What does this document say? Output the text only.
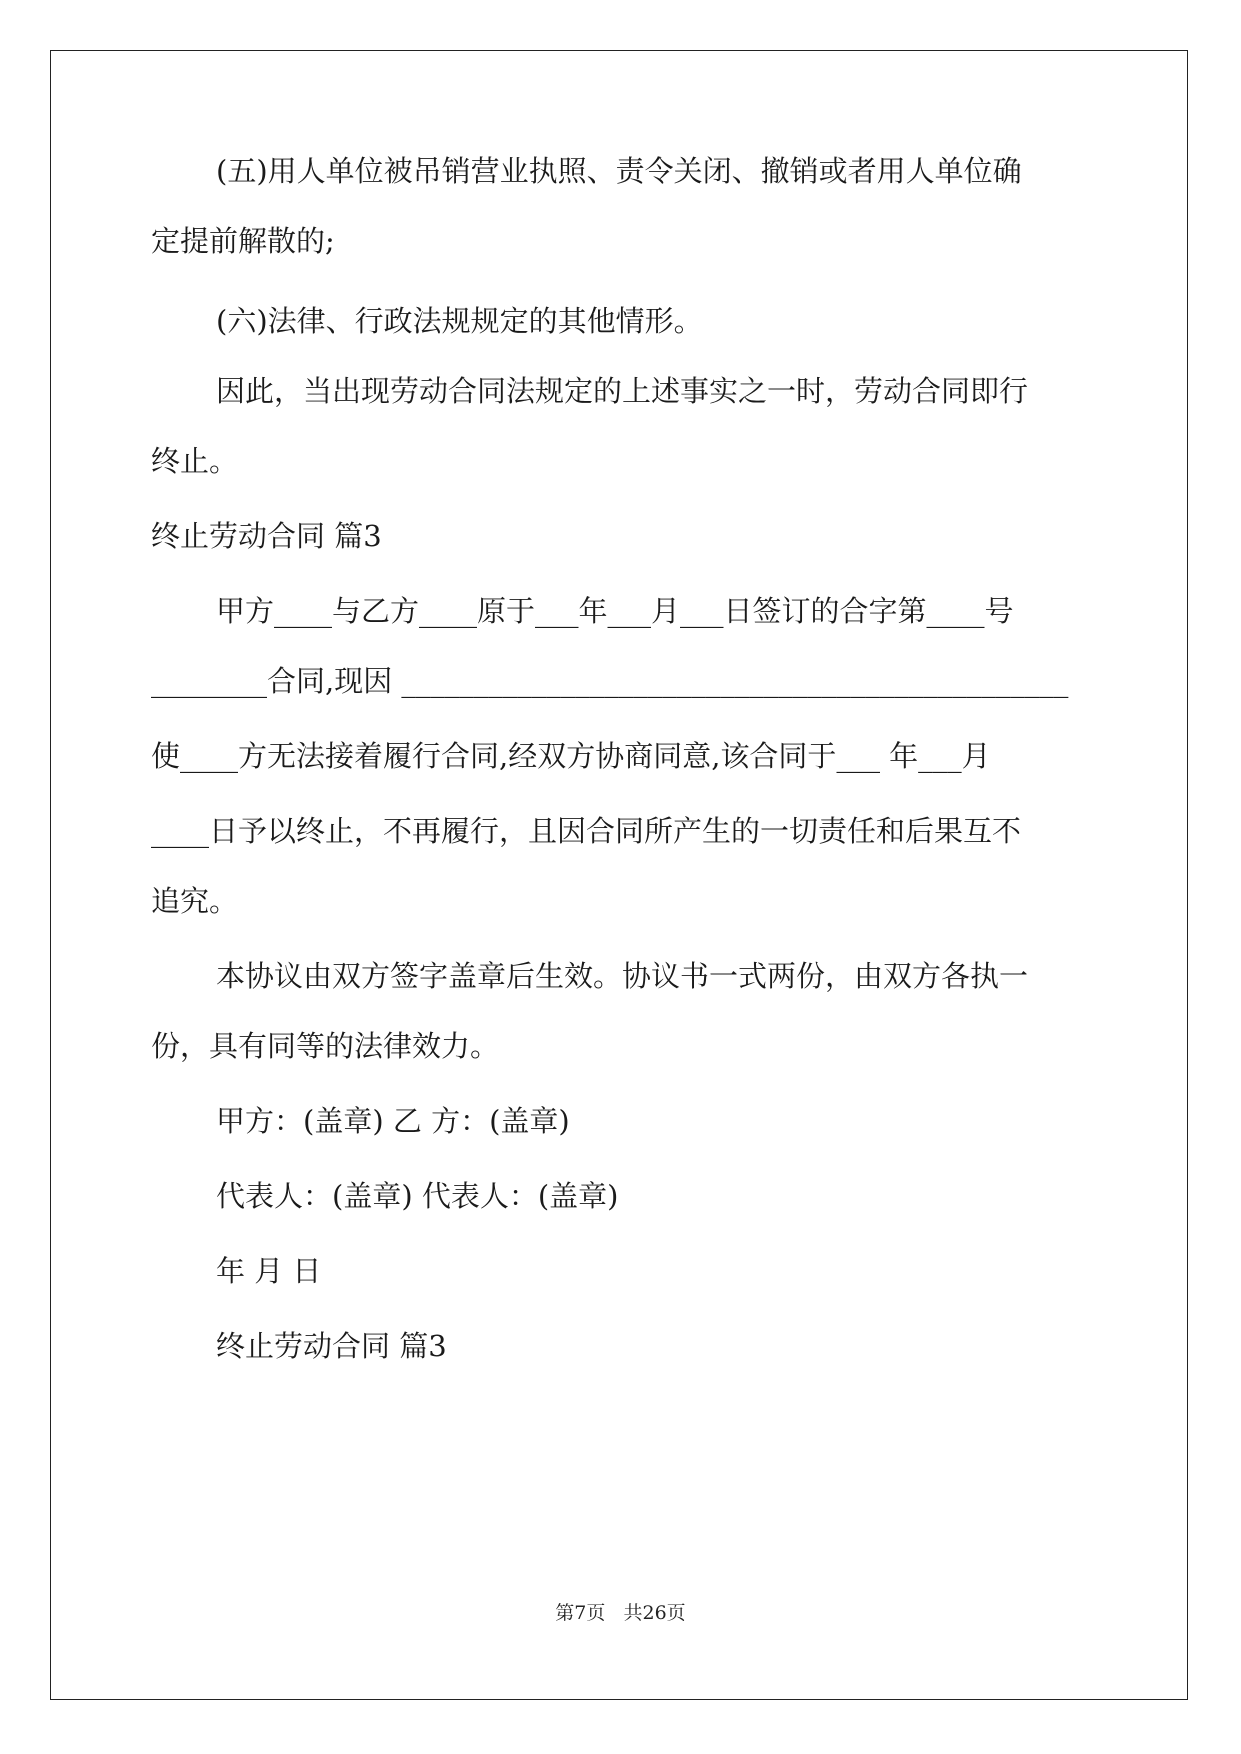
(五)用人单位被吊销营业执照、责令关闭、撤销或者用人单位确
定提前解散的;
(六)法律、行政法规规定的其他情形。
因此，当出现劳动合同法规定的上述事实之一时，劳动合同即行
终止。
终止劳动合同 篇3
甲方____与乙方____原于___年___月___日签订的合字第____号
________合同,现因 ______________________________________________
使____方无法接着履行合同,经双方协商同意,该合同于___ 年___月
____日予以终止，不再履行，且因合同所产生的一切责任和后果互不
追究。
本协议由双方签字盖章后生效。协议书一式两份，由双方各执一
份，具有同等的法律效力。
甲方：(盖章) 乙 方：(盖章)
代表人：(盖章) 代表人：(盖章)
年 月 日
终止劳动合同 篇3
第7页   共26页
